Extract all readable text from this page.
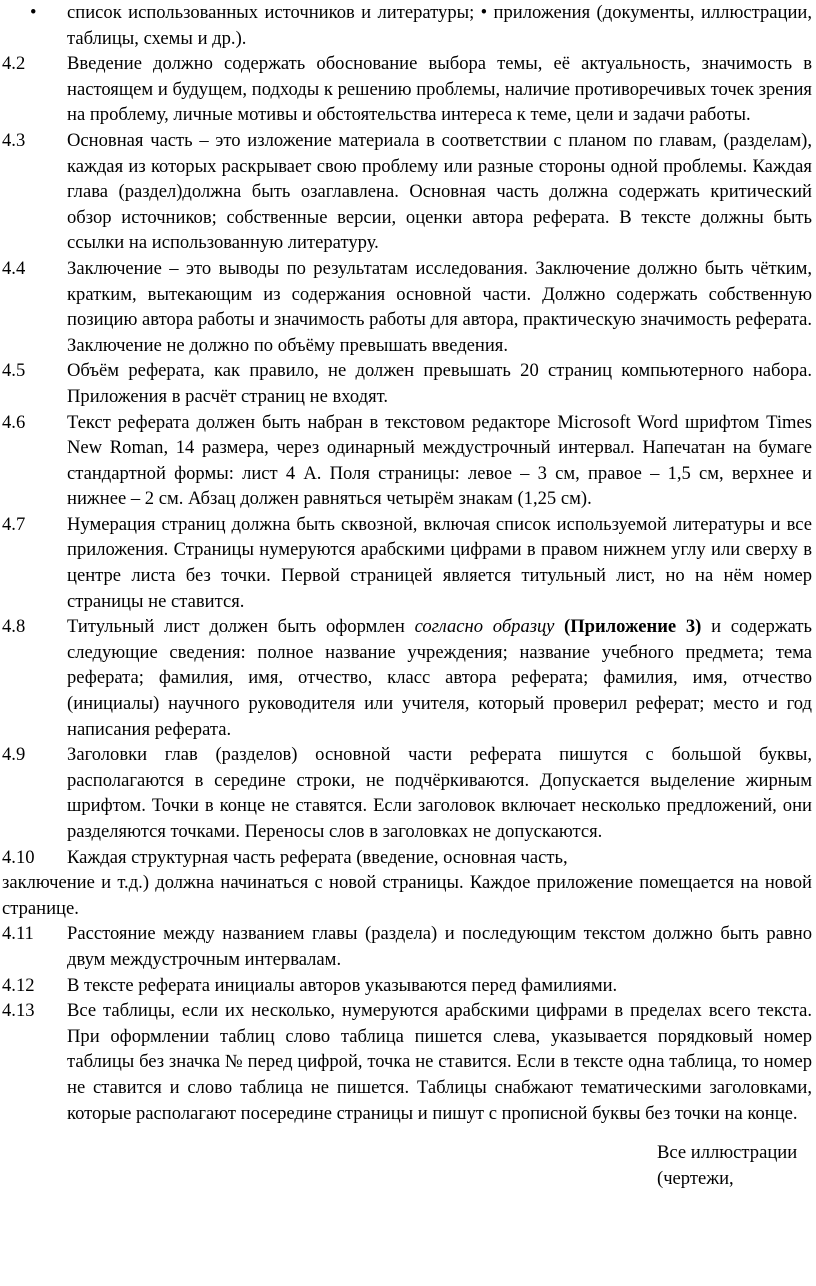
• список использованных источников и литературы; • приложения (документы, иллюстрации, таблицы, схемы и др.).
4.2 Введение должно содержать обоснование выбора темы, её актуальность, значимость в настоящем и будущем, подходы к решению проблемы, наличие противоречивых точек зрения на проблему, личные мотивы и обстоятельства интереса к теме, цели и задачи работы.
4.3 Основная часть – это изложение материала в соответствии с планом по главам, (разделам), каждая из которых раскрывает свою проблему или разные стороны одной проблемы. Каждая глава (раздел)должна быть озаглавлена. Основная часть должна содержать критический обзор источников; собственные версии, оценки автора реферата. В тексте должны быть ссылки на использованную литературу.
4.4 Заключение – это выводы по результатам исследования. Заключение должно быть чётким, кратким, вытекающим из содержания основной части. Должно содержать собственную позицию автора работы и значимость работы для автора, практическую значимость реферата. Заключение не должно по объёму превышать введения.
4.5 Объём реферата, как правило, не должен превышать 20 страниц компьютерного набора. Приложения в расчёт страниц не входят.
4.6 Текст реферата должен быть набран в текстовом редакторе Microsoft Word шрифтом Times New Roman, 14 размера, через одинарный междустрочный интервал. Напечатан на бумаге стандартной формы: лист 4 А. Поля страницы: левое – 3 см, правое – 1,5 см, верхнее и нижнее – 2 см. Абзац должен равняться четырём знакам (1,25 см).
4.7 Нумерация страниц должна быть сквозной, включая список используемой литературы и все приложения. Страницы нумеруются арабскими цифрами в правом нижнем углу или сверху в центре листа без точки. Первой страницей является титульный лист, но на нём номер страницы не ставится.
4.8 Титульный лист должен быть оформлен согласно образцу (Приложение 3) и содержать следующие сведения: полное название учреждения; название учебного предмета; тема реферата; фамилия, имя, отчество, класс автора реферата; фамилия, имя, отчество (инициалы) научного руководителя или учителя, который проверил реферат; место и год написания реферата.
4.9 Заголовки глав (разделов) основной части реферата пишутся с большой буквы, располагаются в середине строки, не подчёркиваются. Допускается выделение жирным шрифтом. Точки в конце не ставятся. Если заголовок включает несколько предложений, они разделяются точками. Переносы слов в заголовках не допускаются.
4.10 Каждая структурная часть реферата (введение, основная часть,
заключение и т.д.) должна начинаться с новой страницы. Каждое приложение помещается на новой странице.
4.11 Расстояние между названием главы (раздела) и последующим текстом должно быть равно двум междустрочным интервалам.
4.12 В тексте реферата инициалы авторов указываются перед фамилиями.
4.13 Все таблицы, если их несколько, нумеруются арабскими цифрами в пределах всего текста. При оформлении таблиц слово таблица пишется слева, указывается порядковый номер таблицы без значка № перед цифрой, точка не ставится. Если в тексте одна таблица, то номер не ставится и слово таблица не пишется. Таблицы снабжают тематическими заголовками, которые располагают посередине страницы и пишут с прописной буквы без точки на конце.
Все иллюстрации
(чертежи,
